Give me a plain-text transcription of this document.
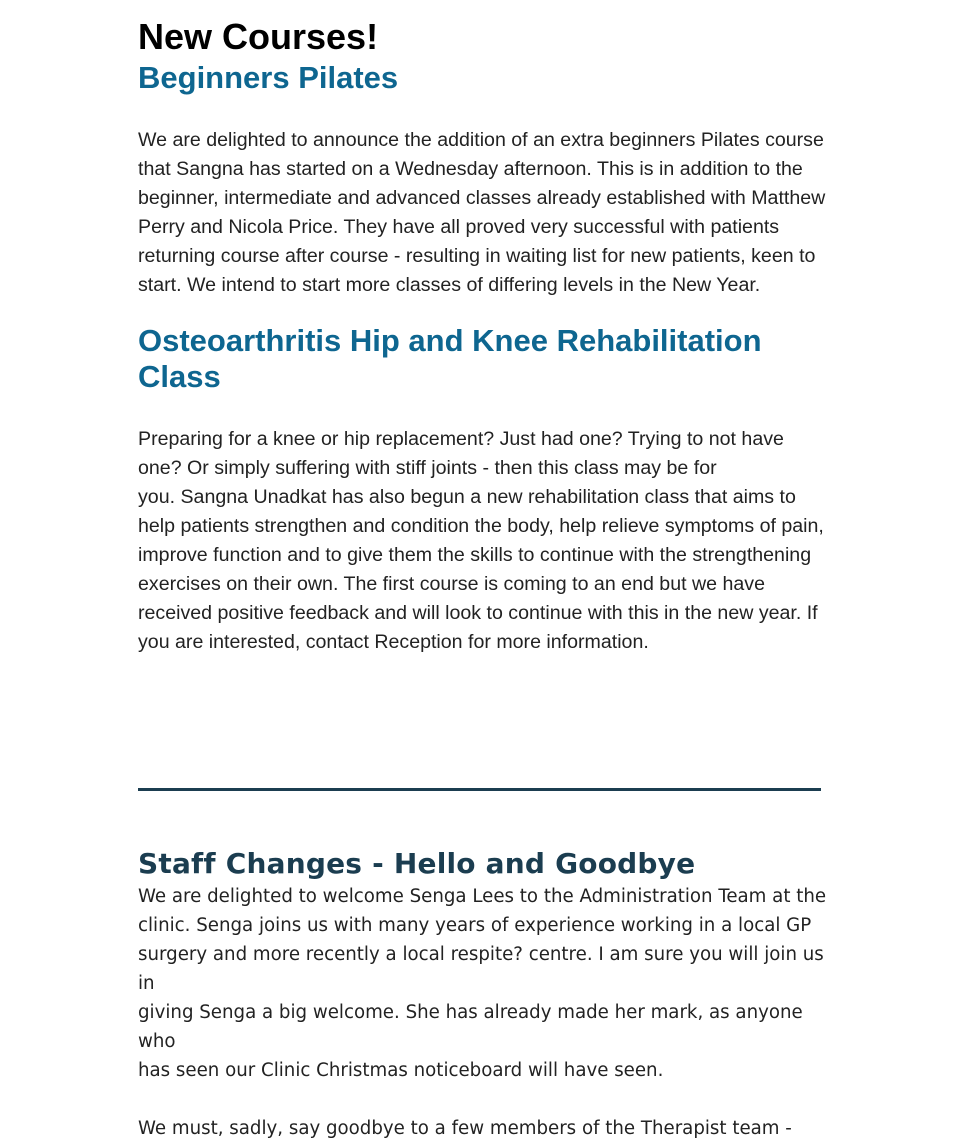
New Courses!
Beginners Pilates

We are delighted to announce the addition of an extra beginners Pilates course
that Sangna has started on a Wednesday afternoon. This is in addition to the
beginner, intermediate and advanced classes already established with Matthew
Perry and Nicola Price. They have all proved very successful with patients
returning course after course - resulting in waiting list for new patients, keen to
start. We intend to start more classes of differing levels in the New Year.

Osteoarthritis Hip and Knee Rehabilitation
Class

Preparing for a knee or hip replacement? Just had one? Trying to not have
one? Or simply suffering with stiff joints - then this class may be for
you. Sangna Unadkat has also begun a new rehabilitation class that aims to
help patients strengthen and condition the body, help relieve symptoms of pain,
improve function and to give them the skills to continue with the strengthening
exercises on their own. The first course is coming to an end but we have
received positive feedback and will look to continue with this in the new year. If
you are interested, contact Reception for more information.

Staff Changes - Hello and Goodbye

We are delighted to welcome Senga Lees to the Administration Team at the
clinic. Senga joins us with many years of experience working in a local GP
surgery and more recently a local respite? centre. I am sure you will join us in
giving Senga a big welcome. She has already made her mark, as anyone who
has seen our Clinic Christmas noticeboard will have seen.

We must, sadly, say goodbye to a few members of the Therapist team -
